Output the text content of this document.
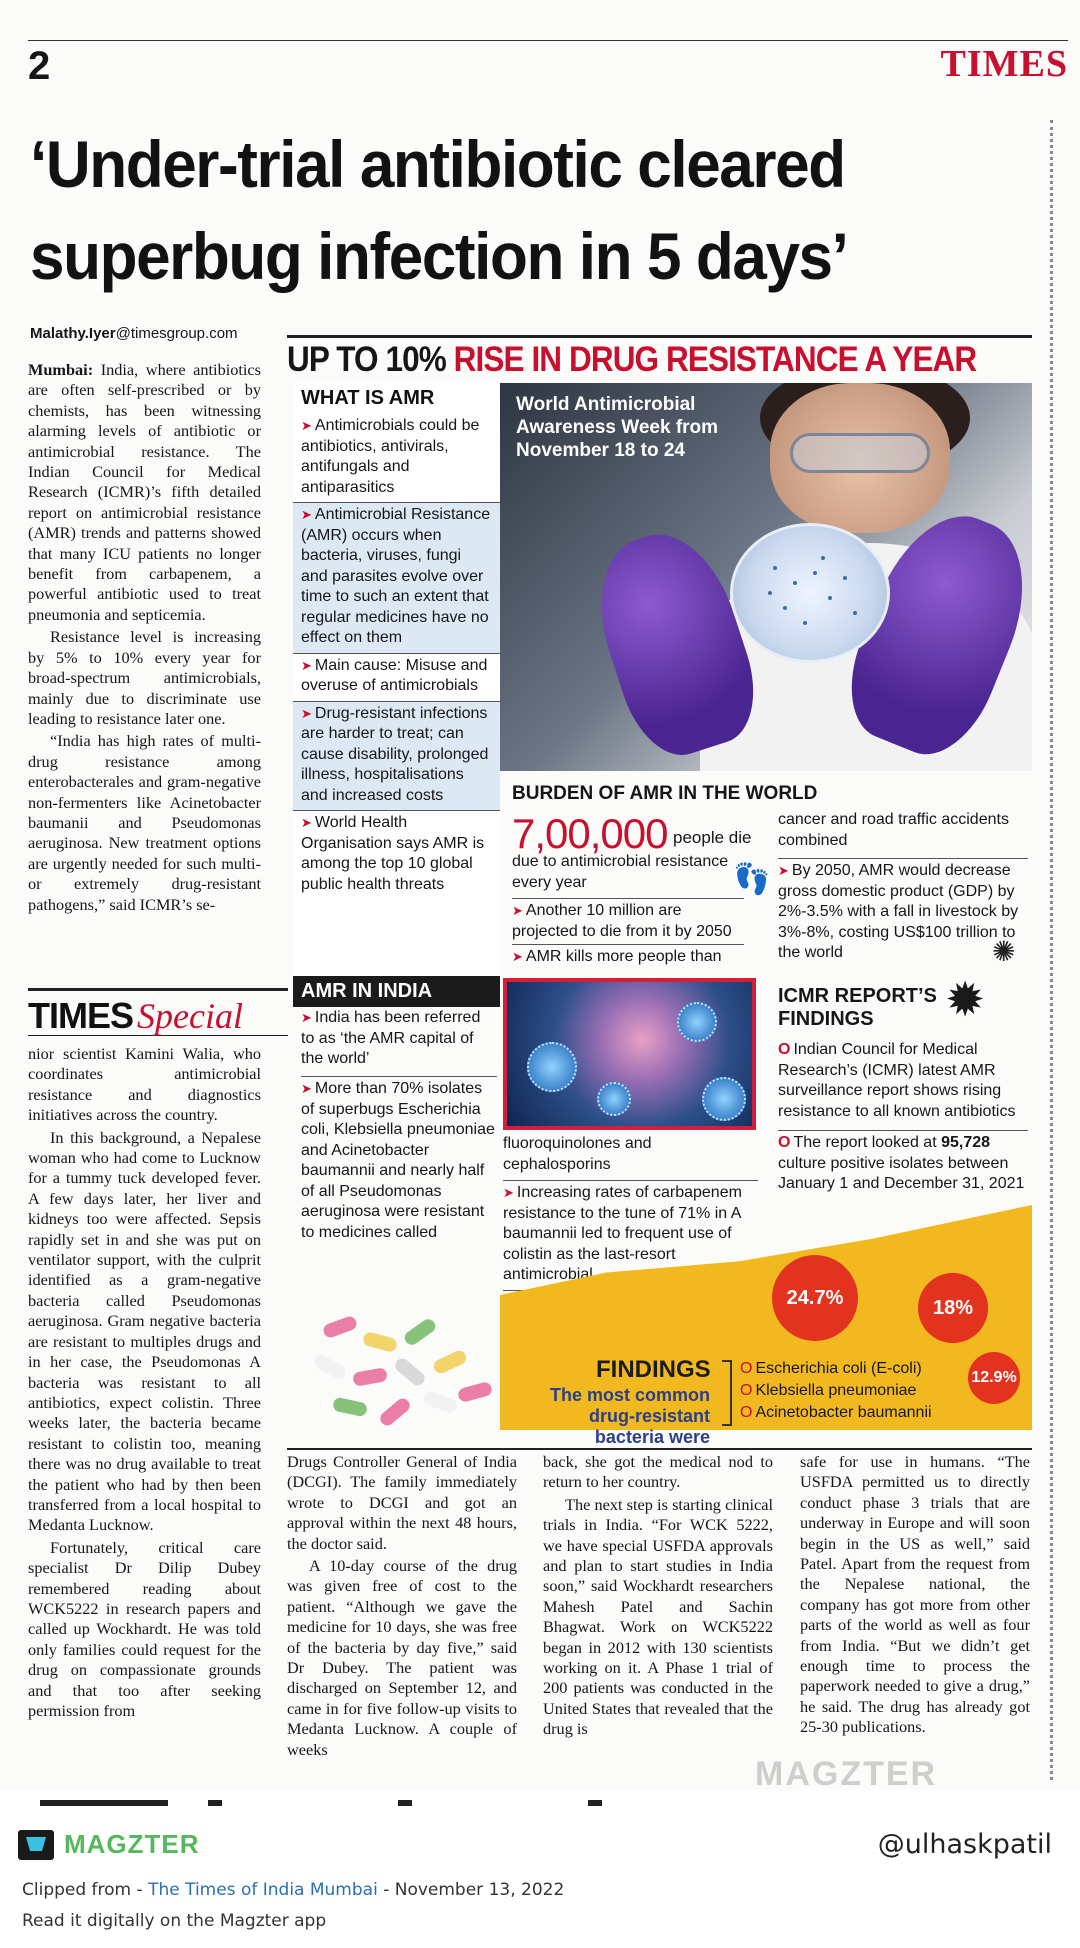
2	TIMES
‘Under-trial antibiotic cleared
superbug infection in 5 days’
Malathy.Iyer@timesgroup.com

Mumbai: India, where antibiotics are often self-prescribed or by chemists, has been witnessing alarming levels of antibiotic or antimicrobial resistance. The Indian Council for Medical Research (ICMR)’s fifth detailed report on antimicrobial resistance (AMR) trends and patterns showed that many ICU patients no longer benefit from carbapenem, a powerful antibiotic used to treat pneumonia and septicemia.

Resistance level is increasing by 5% to 10% every year for broad-spectrum antimicrobials, mainly due to discriminate use leading to resistance later one.

“India has high rates of multi-drug resistance among enterobacterales and gram-negative non-fermenters like Acinetobacter baumanii and Pseudomonas aeruginosa. New treatment options are urgently needed for such multi- or extremely drug-resistant pathogens,” said ICMR’s se-

TIMES Special

nior scientist Kamini Walia, who coordinates antimicrobial resistance and diagnostics initiatives across the country.

In this background, a Nepalese woman who had come to Lucknow for a tummy tuck developed fever. A few days later, her liver and kidneys too were affected. Sepsis rapidly set in and she was put on ventilator support, with the culprit identified as a gram-negative bacteria called Pseudomonas aeruginosa. Gram negative bacteria are resistant to multiples drugs and in her case, the Pseudomonas A bacteria was resistant to all antibiotics, expect colistin. Three weeks later, the bacteria became resistant to colistin too, meaning there was no drug available to treat the patient who had by then been transferred from a local hospital to Medanta Lucknow.

Fortunately, critical care specialist Dr Dilip Dubey remembered reading about WCK5222 in research papers and called up Wockhardt. He was told only families could request for the drug on compassionate grounds and that too after seeking permission from

UP TO 10% RISE IN DRUG RESISTANCE A YEAR
WHAT IS AMR
➤ Antimicrobials could be antibiotics, antivirals, antifungals and antiparasitics
➤ Antimicrobial Resistance (AMR) occurs when bacteria, viruses, fungi and parasites evolve over time to such an extent that regular medicines have no effect on them
➤ Main cause: Misuse and overuse of antimicrobials
➤ Drug-resistant infections are harder to treat; can cause disability, prolonged illness, hospitalisations and increased costs
➤ World Health Organisation says AMR is among the top 10 global public health threats
World Antimicrobial Awareness Week from November 18 to 24
BURDEN OF AMR IN THE WORLD
7,00,000 people die
due to antimicrobial resistance every year
➤ Another 10 million are projected to die from it by 2050
➤ AMR kills more people than
👣
cancer and road traffic accidents combined
➤ By 2050, AMR would decrease gross domestic product (GDP) by 2%-3.5% with a fall in livestock by 3%-8%, costing US$100 trillion to the world	✺
AMR IN INDIA
➤ India has been referred to as ‘the AMR capital of the world’
➤ More than 70% isolates of superbugs Escherichia coli, Klebsiella pneumoniae and Acinetobacter baumannii and nearly half of all Pseudomonas aeruginosa were resistant to medicines called
fluoroquinolones and cephalosporins
➤ Increasing rates of carbapenem resistance to the tune of 71% in A baumannii led to frequent use of colistin as the last-resort antimicrobial
ICMR REPORT’S FINDINGS	✹
O Indian Council for Medical Research’s (ICMR) latest AMR surveillance report shows rising resistance to all known antibiotics
O The report looked at 95,728 culture positive isolates between January 1 and December 31, 2021
24.7%	18%
12.9%
FINDINGS
The most common drug-resistant bacteria were
O Escherichia coli (E-coli)
O Klebsiella pneumoniae
O Acinetobacter baumannii

Drugs Controller General of India (DCGI). The family immediately wrote to DCGI and got an approval within the next 48 hours, the doctor said.

A 10-day course of the drug was given free of cost to the patient. “Although we gave the medicine for 10 days, she was free of the bacteria by day five,” said Dr Dubey. The patient was discharged on September 12, and came in for five follow-up visits to Medanta Lucknow. A couple of weeks

back, she got the medical nod to return to her country.

The next step is starting clinical trials in India. “For WCK 5222, we have special USFDA approvals and plan to start studies in India soon,” said Wockhardt researchers Mahesh Patel and Sachin Bhagwat. Work on WCK5222 began in 2012 with 130 scientists working on it. A Phase 1 trial of 200 patients was conducted in the United States that revealed that the drug is

safe for use in humans. “The USFDA permitted us to directly conduct phase 3 trials that are underway in Europe and will soon begin in the US as well,” said Patel. Apart from the request from the Nepalese national, the company has got more from other parts of the world as well as four from India. “But we didn’t get enough time to process the paperwork needed to give a drug,” he said. The drug has already got 25-30 publications.

MAGZTER
MAGZTER	@ulhaskpatil
Clipped from - The Times of India Mumbai - November 13, 2022
Read it digitally on the Magzter app
